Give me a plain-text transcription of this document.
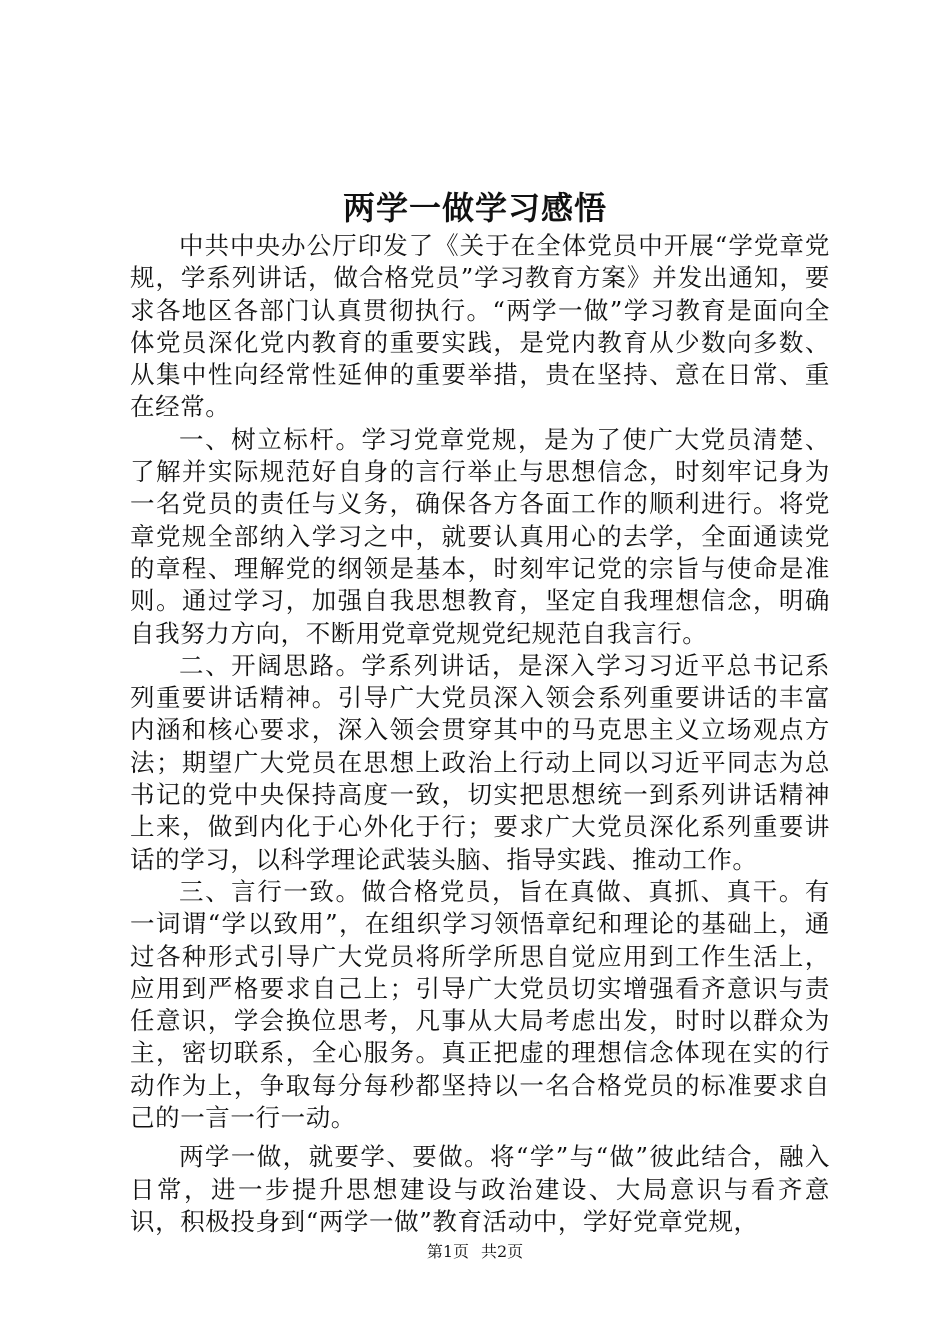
两学一做学习感悟

中共中央办公厅印发了《关于在全体党员中开展“学党章党规，学系列讲话，做合格党员”学习教育方案》并发出通知，要求各地区各部门认真贯彻执行。“两学一做”学习教育是面向全体党员深化党内教育的重要实践，是党内教育从少数向多数、从集中性向经常性延伸的重要举措，贵在坚持、意在日常、重在经常。

一、树立标杆。学习党章党规，是为了使广大党员清楚、了解并实际规范好自身的言行举止与思想信念，时刻牢记身为一名党员的责任与义务，确保各方各面工作的顺利进行。将党章党规全部纳入学习之中，就要认真用心的去学，全面通读党的章程、理解党的纲领是基本，时刻牢记党的宗旨与使命是准则。通过学习，加强自我思想教育，坚定自我理想信念，明确自我努力方向，不断用党章党规党纪规范自我言行。

二、开阔思路。学系列讲话，是深入学习习近平总书记系列重要讲话精神。引导广大党员深入领会系列重要讲话的丰富内涵和核心要求，深入领会贯穿其中的马克思主义立场观点方法；期望广大党员在思想上政治上行动上同以习近平同志为总书记的党中央保持高度一致，切实把思想统一到系列讲话精神上来，做到内化于心外化于行；要求广大党员深化系列重要讲话的学习，以科学理论武装头脑、指导实践、推动工作。

三、言行一致。做合格党员，旨在真做、真抓、真干。有一词谓“学以致用”，在组织学习领悟章纪和理论的基础上，通过各种形式引导广大党员将所学所思自觉应用到工作生活上，应用到严格要求自己上；引导广大党员切实增强看齐意识与责任意识，学会换位思考，凡事从大局考虑出发，时时以群众为主，密切联系，全心服务。真正把虚的理想信念体现在实的行动作为上，争取每分每秒都坚持以一名合格党员的标准要求自己的一言一行一动。

两学一做，就要学、要做。将“学”与“做”彼此结合，融入日常，进一步提升思想建设与政治建设、大局意识与看齐意识，积极投身到“两学一做”教育活动中，学好党章党规，

第1页 共2页
